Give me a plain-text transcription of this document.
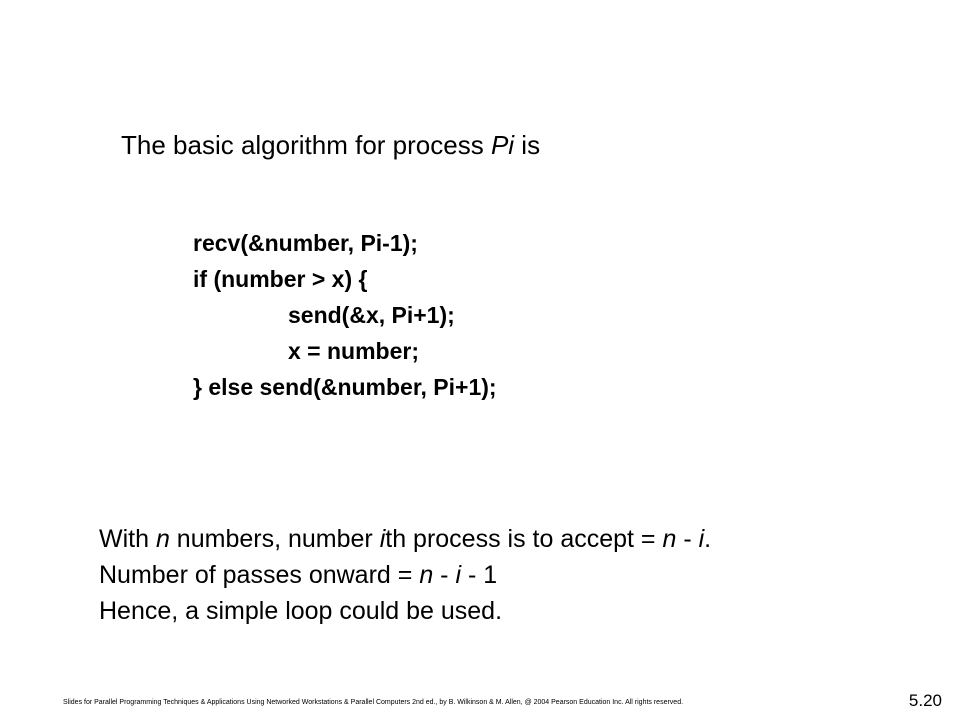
The basic algorithm for process Pi is
recv(&number, Pi-1);
if (number > x) {
send(&x, Pi+1);
x = number;
} else send(&number, Pi+1);
With n numbers, number ith process is to accept = n - i.
Number of passes onward = n - i - 1
Hence, a simple loop could be used.
Slides for Parallel Programming Techniques & Applications Using Networked Workstations & Parallel Computers 2nd ed., by B. Wilkinson & M. Allen, @ 2004 Pearson Education Inc. All rights reserved.	5.20
